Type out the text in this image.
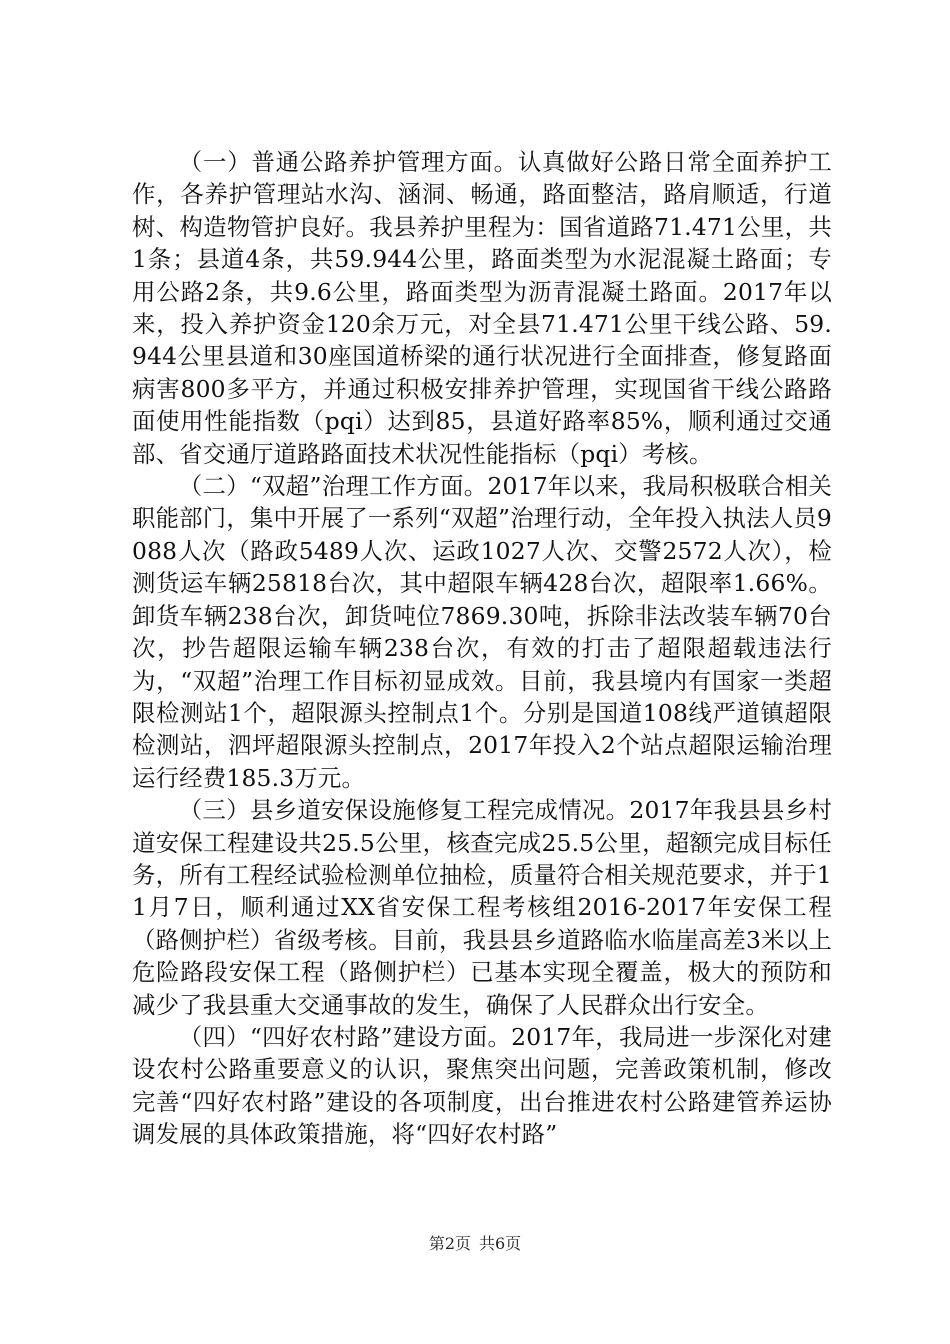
（一）普通公路养护管理方面。认真做好公路日常全面养护工作，各养护管理站水沟、涵洞、畅通，路面整洁，路肩顺适，行道树、构造物管护良好。我县养护里程为：国省道路71.471公里，共1条；县道4条，共59.944公里，路面类型为水泥混凝土路面；专用公路2条，共9.6公里，路面类型为沥青混凝土路面。2017年以来，投入养护资金120余万元，对全县71.471公里干线公路、59.944公里县道和30座国道桥梁的通行状况进行全面排查，修复路面病害800多平方，并通过积极安排养护管理，实现国省干线公路路面使用性能指数（pqi）达到85，县道好路率85%，顺利通过交通部、省交通厅道路路面技术状况性能指标（pqi）考核。

（二）“双超”治理工作方面。2017年以来，我局积极联合相关职能部门，集中开展了一系列“双超”治理行动，全年投入执法人员9088人次（路政5489人次、运政1027人次、交警2572人次），检测货运车辆25818台次，其中超限车辆428台次，超限率1.66%。卸货车辆238台次，卸货吨位7869.30吨，拆除非法改装车辆70台次，抄告超限运输车辆238台次，有效的打击了超限超载违法行为，“双超”治理工作目标初显成效。目前，我县境内有国家一类超限检测站1个，超限源头控制点1个。分别是国道108线严道镇超限检测站，泗坪超限源头控制点，2017年投入2个站点超限运输治理运行经费185.3万元。

（三）县乡道安保设施修复工程完成情况。2017年我县县乡村道安保工程建设共25.5公里，核查完成25.5公里，超额完成目标任务，所有工程经试验检测单位抽检，质量符合相关规范要求，并于11月7日，顺利通过XX省安保工程考核组2016-2017年安保工程（路侧护栏）省级考核。目前，我县县乡道路临水临崖高差3米以上危险路段安保工程（路侧护栏）已基本实现全覆盖，极大的预防和减少了我县重大交通事故的发生，确保了人民群众出行安全。

（四）“四好农村路”建设方面。2017年，我局进一步深化对建设农村公路重要意义的认识，聚焦突出问题，完善政策机制，修改完善“四好农村路”建设的各项制度，出台推进农村公路建管养运协调发展的具体政策措施，将“四好农村路”

第2页 共6页
